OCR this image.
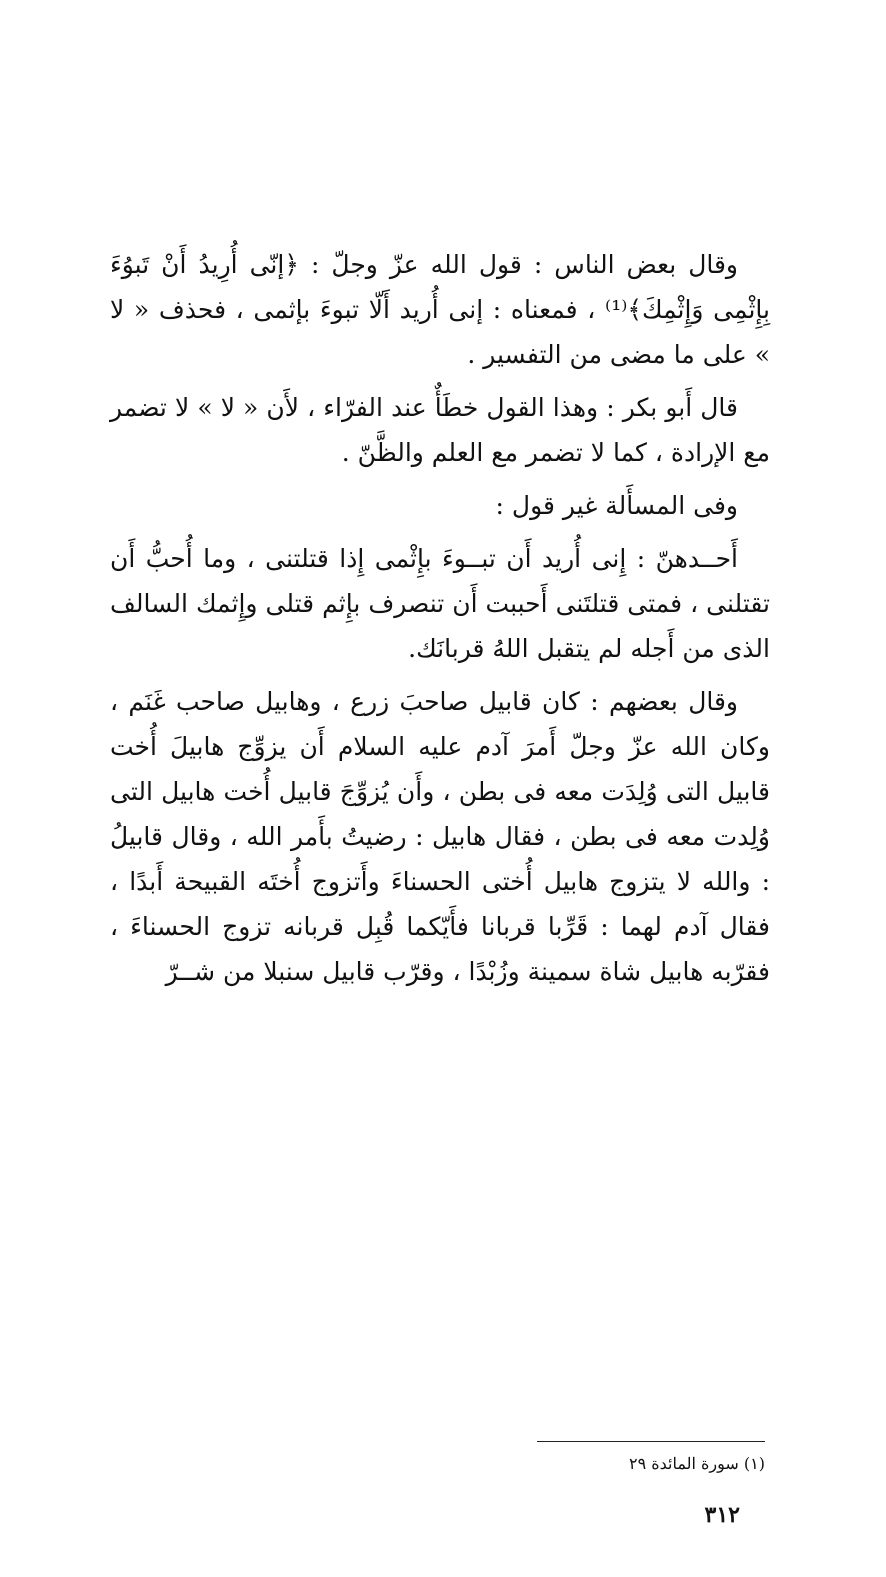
وقال بعض الناس : قول الله عزّ وجلّ : ﴿إنّى أُرِيدُ أَنْ تَبوُءَ بِإِثْمِى وَإِثْمِكَ﴾⁽¹⁾ ، فمعناه : إنى أُريد أَلّا تبوءَ بإثمى ، فحذف « لا » على ما مضى من التفسير .

قال أَبو بكر : وهذا القول خطَأٌ عند الفرّاء ، لأَن « لا » لا تضمر مع الإرادة ، كما لا تضمر مع العلم والظَّنّ .

وفى المسأَلة غير قول :

أَحــدهنّ : إِنى أُريد أَن تبــوءَ بإِثْمى إِذا قتلتنى ، وما أُحبُّ أَن تقتلنى ، فمتى قتلتَنى أَحببت أَن تنصرف بإِثم قتلى وإِثمك السالف الذى من أَجله لم يتقبل اللهُ قربانَك.

وقال بعضهم : كان قابيل صاحبَ زرع ، وهابيل صاحب غَنَم ، وكان الله عزّ وجلّ أَمرَ آدم عليه السلام أَن يزوِّج هابيلَ أُخت قابيل التى وُلِدَت معه فى بطن ، وأَن يُزوِّجَ قابيل أُخت هابيل التى وُلِدت معه فى بطن ، فقال هابيل : رضيتُ بأَمر الله ، وقال قابيلُ : والله لا يتزوج هابيل أُختى الحسناءَ وأَتزوج أُختَه القبيحة أَبدًا ، فقال آدم لهما : قَرِّبا قربانا فأَيّكما قُبِل قربانه تزوج الحسناءَ ، فقرّبه هابيل شاة سمينة وزُبْدًا ، وقرّب قابيل سنبلا من شــرّ

(١) سورة المائدة ٢٩
٣١٢
